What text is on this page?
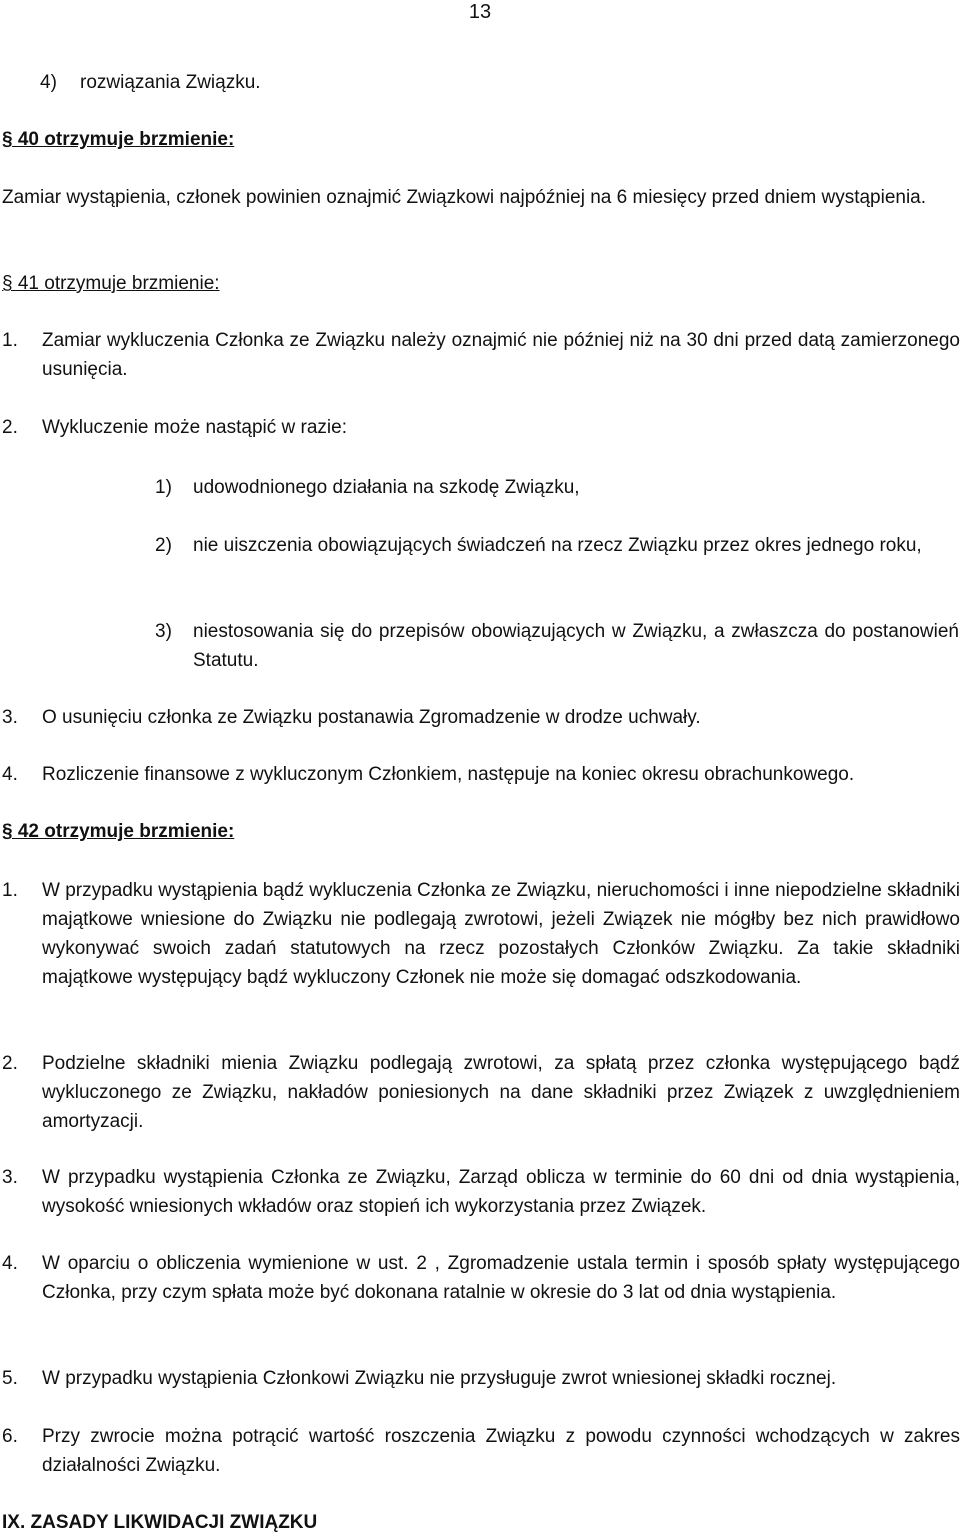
13
4) rozwiązania Związku.
§ 40 otrzymuje brzmienie:
Zamiar wystąpienia, członek powinien oznajmić Związkowi najpóźniej na 6 miesięcy przed dniem wystąpienia.
§ 41 otrzymuje brzmienie:
1.	Zamiar wykluczenia Członka ze Związku należy oznajmić nie później niż na 30 dni przed datą zamierzonego usunięcia.
2.	Wykluczenie może nastąpić w razie:
1)	udowodnionego działania na szkodę Związku,
2)	nie uiszczenia obowiązujących świadczeń na rzecz Związku przez okres jednego roku,
3)	niestosowania się do przepisów obowiązujących w Związku, a zwłaszcza do postanowień Statutu.
3.	O usunięciu członka ze Związku postanawia Zgromadzenie w drodze uchwały.
4.	Rozliczenie finansowe z wykluczonym Członkiem, następuje na koniec okresu obrachunkowego.
§ 42 otrzymuje brzmienie:
1.	W przypadku wystąpienia bądź wykluczenia Członka ze Związku, nieruchomości i inne niepodzielne składniki majątkowe wniesione do Związku nie podlegają zwrotowi, jeżeli Związek nie mógłby bez nich prawidłowo wykonywać swoich zadań statutowych na rzecz pozostałych Członków Związku. Za takie składniki majątkowe występujący bądź wykluczony Członek nie może się domagać odszkodowania.
2.	Podzielne składniki mienia Związku podlegają zwrotowi, za spłatą przez członka występującego bądź wykluczonego ze Związku, nakładów poniesionych na dane składniki przez Związek z uwzględnieniem amortyzacji.
3.	W przypadku wystąpienia Członka ze Związku, Zarząd oblicza w terminie do 60 dni od dnia wystąpienia, wysokość wniesionych wkładów oraz stopień ich wykorzystania przez Związek.
4.	W oparciu o obliczenia wymienione w ust. 2 , Zgromadzenie ustala termin i sposób spłaty występującego Członka, przy czym spłata może być dokonana ratalnie w okresie do 3 lat od dnia wystąpienia.
5.	W przypadku wystąpienia Członkowi Związku nie przysługuje zwrot wniesionej składki rocznej.
6.	Przy zwrocie można potrącić wartość roszczenia Związku z powodu czynności wchodzących w zakres działalności Związku.
IX. ZASADY LIKWIDACJI ZWIĄZKU
